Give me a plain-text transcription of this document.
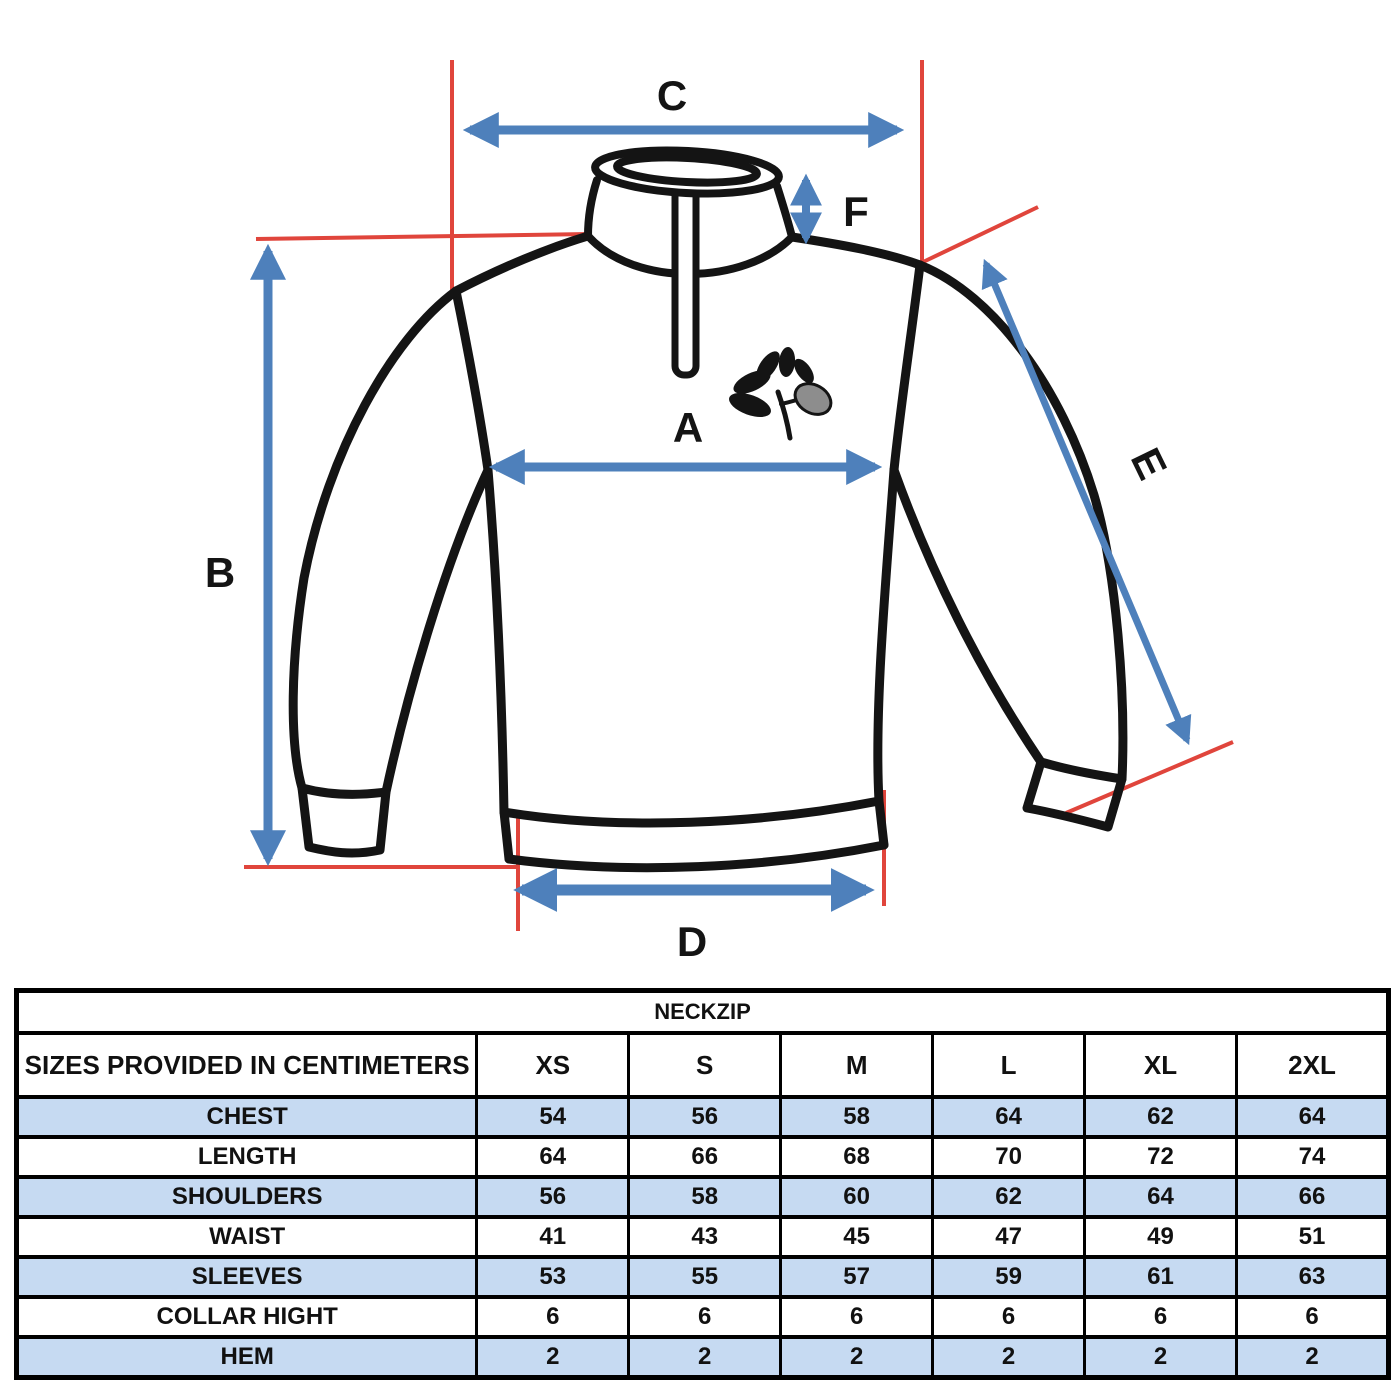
C
F
B
A
E
D
NECKZIP						
SIZES PROVIDED IN CENTIMETERS	XS	S	M	L	XL	2XL
CHEST	54	56	58	64	62	64
LENGTH	64	66	68	70	72	74
SHOULDERS	56	58	60	62	64	66
WAIST	41	43	45	47	49	51
SLEEVES	53	55	57	59	61	63
COLLAR HIGHT	6	6	6	6	6	6
HEM	2	2	2	2	2	2
